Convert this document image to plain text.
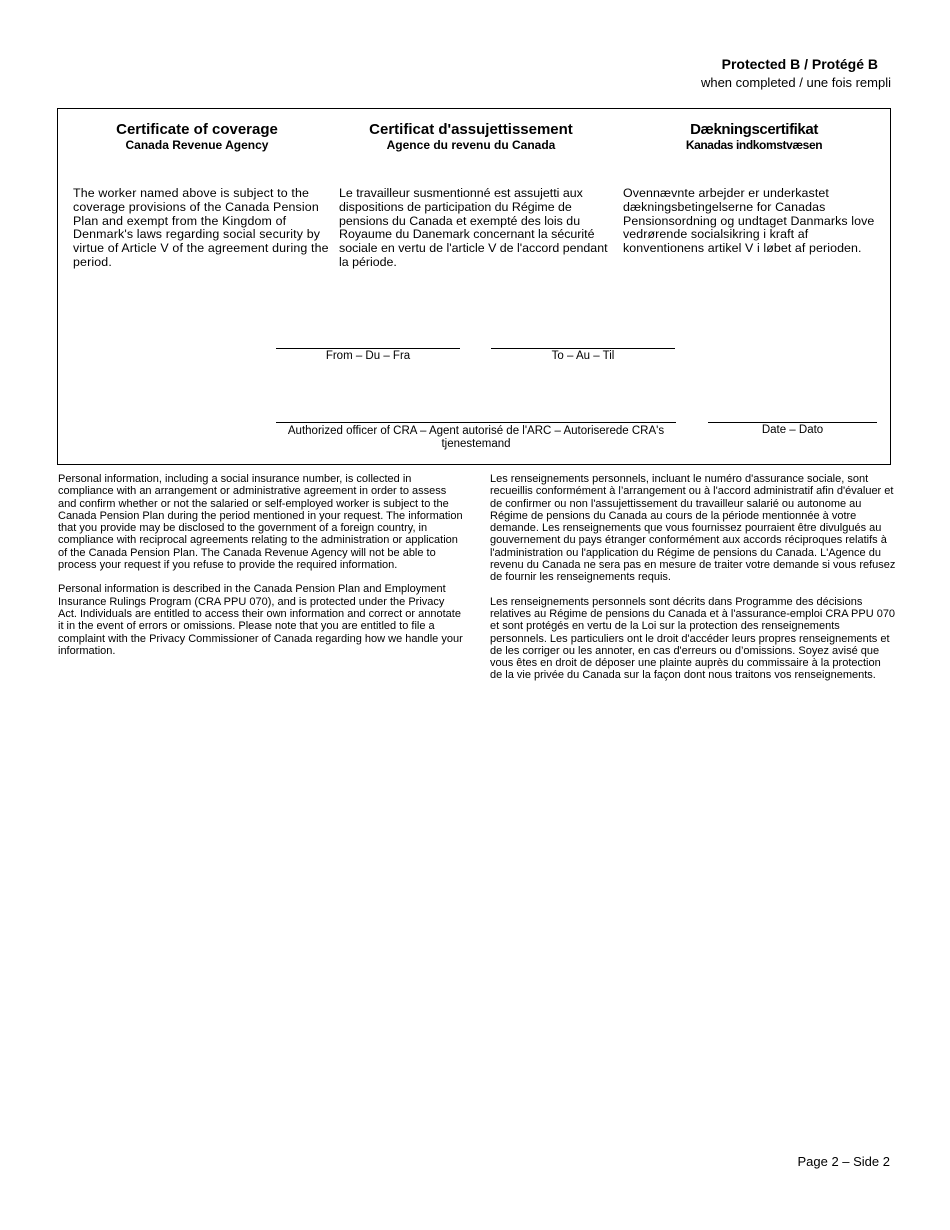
Protected B / Protégé B
when completed / une fois rempli
Certificate of coverage
Canada Revenue Agency
Certificat d'assujettissement
Agence du revenu du Canada
Dækningscertifikat
Kanadas indkomstvæsen
The worker named above is subject to the coverage provisions of the Canada Pension Plan and exempt from the Kingdom of Denmark's laws regarding social security by virtue of Article V of the agreement during the period.
Le travailleur susmentionné est assujetti aux dispositions de participation du Régime de pensions du Canada et exempté des lois du Royaume du Danemark concernant la sécurité sociale en vertu de l'article V de l'accord pendant la période.
Ovennævnte arbejder er underkastet dækningsbetingelserne for Canadas Pensionsordning og undtaget Danmarks love vedrørende socialsikring i kraft af konventionens artikel V i løbet af perioden.
From – Du – Fra	To – Au – Til
Authorized officer of CRA – Agent autorisé de l'ARC – Autoriserede CRA's tjenestemand
Date – Dato

Personal information, including a social insurance number, is collected in compliance with an arrangement or administrative agreement in order to assess and confirm whether or not the salaried or self-employed worker is subject to the Canada Pension Plan during the period mentioned in your request. The information that you provide may be disclosed to the government of a foreign country, in compliance with reciprocal agreements relating to the administration or application of the Canada Pension Plan. The Canada Revenue Agency will not be able to process your request if you refuse to provide the required information.

Personal information is described in the Canada Pension Plan and Employment Insurance Rulings Program (CRA PPU 070), and is protected under the Privacy Act. Individuals are entitled to access their own information and correct or annotate it in the event of errors or omissions. Please note that you are entitled to file a complaint with the Privacy Commissioner of Canada regarding how we handle your information.

Les renseignements personnels, incluant le numéro d'assurance sociale, sont recueillis conformément à l’arrangement ou à l'accord administratif afin d'évaluer et de confirmer ou non l'assujettissement du travailleur salarié ou autonome au Régime de pensions du Canada au cours de la période mentionnée à votre demande. Les renseignements que vous fournissez pourraient être divulgués au gouvernement du pays étranger conformément aux accords réciproques relatifs à l'administration ou l'application du Régime de pensions du Canada. L'Agence du revenu du Canada ne sera pas en mesure de traiter votre demande si vous refusez de fournir les renseignements requis.

Les renseignements personnels sont décrits dans Programme des décisions relatives au Régime de pensions du Canada et à l'assurance-emploi CRA PPU 070 et sont protégés en vertu de la Loi sur la protection des renseignements personnels. Les particuliers ont le droit d'accéder leurs propres renseignements et de les corriger ou les annoter, en cas d'erreurs ou d’omissions. Soyez avisé que vous êtes en droit de déposer une plainte auprès du commissaire à la protection de la vie privée du Canada sur la façon dont nous traitons vos renseignements.

Page 2 – Side 2
